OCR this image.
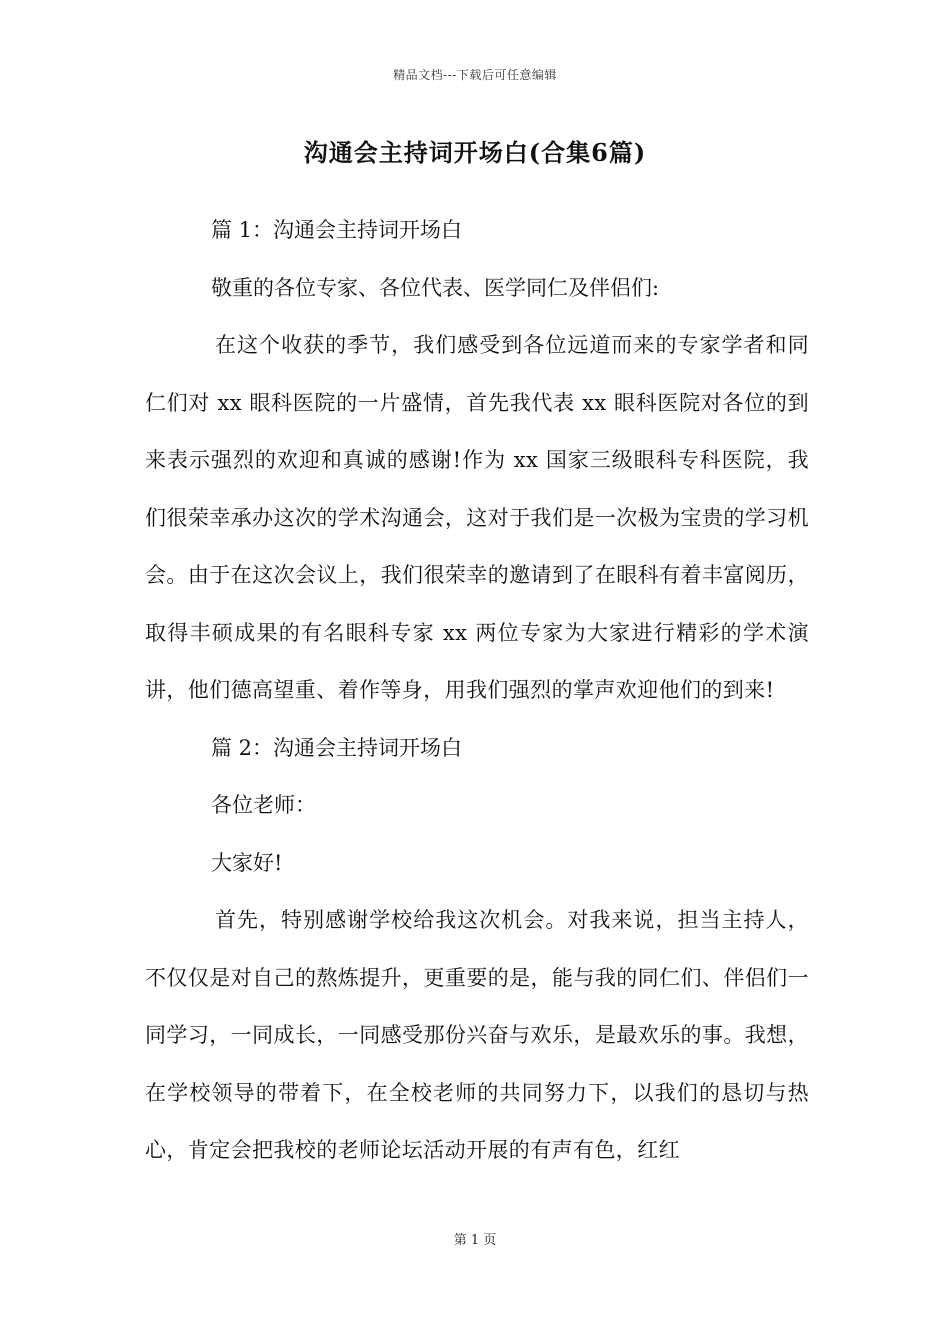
精品文档---下载后可任意编辑
沟通会主持词开场白(合集6篇)

篇 1：沟通会主持词开场白

敬重的各位专家、各位代表、医学同仁及伴侣们:

在这个收获的季节，我们感受到各位远道而来的专家学者和同仁们对 xx 眼科医院的一片盛情，首先我代表 xx 眼科医院对各位的到来表示强烈的欢迎和真诚的感谢!作为 xx 国家三级眼科专科医院，我们很荣幸承办这次的学术沟通会，这对于我们是一次极为宝贵的学习机会。由于在这次会议上，我们很荣幸的邀请到了在眼科有着丰富阅历，取得丰硕成果的有名眼科专家 xx 两位专家为大家进行精彩的学术演讲，他们德高望重、着作等身，用我们强烈的掌声欢迎他们的到来!

篇 2：沟通会主持词开场白

各位老师：

大家好!

首先，特别感谢学校给我这次机会。对我来说，担当主持人，不仅仅是对自己的熬炼提升，更重要的是，能与我的同仁们、伴侣们一同学习，一同成长，一同感受那份兴奋与欢乐，是最欢乐的事。我想，在学校领导的带着下，在全校老师的共同努力下，以我们的恳切与热心，肯定会把我校的老师论坛活动开展的有声有色，红红

第 1 页
